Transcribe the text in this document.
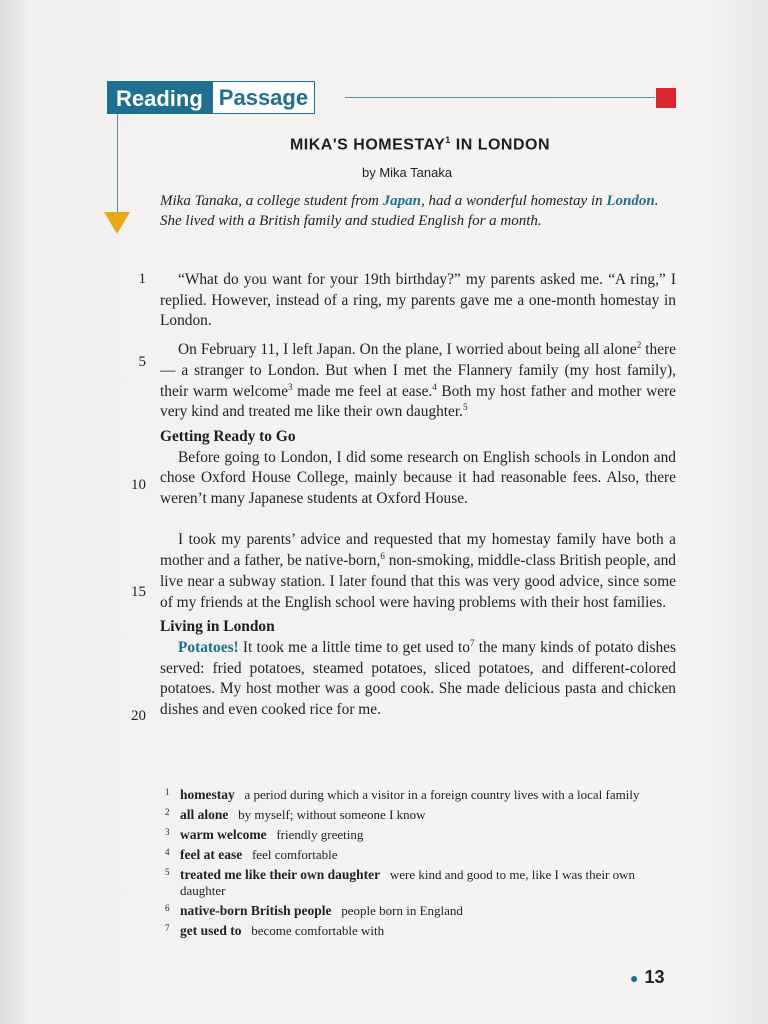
Reading Passage
MIKA'S HOMESTAY$^1$ IN LONDON
by Mika Tanaka
Mika Tanaka, a college student from Japan, had a wonderful homestay in London. She lived with a British family and studied English for a month.
1
5
10
15
20

“What do you want for your 19th birthday?” my parents asked me. “A ring,” I replied. However, instead of a ring, my parents gave me a one-month homestay in London.

On February 11, I left Japan. On the plane, I worried about being all alone$^2$ there — a stranger to London. But when I met the Flannery family (my host family), their warm welcome$^3$ made me feel at ease.$^4$ Both my host father and mother were very kind and treated me like their own daughter.$^5$

Getting Ready to Go

Before going to London, I did some research on English schools in London and chose Oxford House College, mainly because it had reasonable fees. Also, there weren’t many Japanese students at Oxford House.

I took my parents’ advice and requested that my homestay family have both a mother and a father, be native-born,$^6$ non-smoking, middle-class British people, and live near a subway station. I later found that this was very good advice, since some of my friends at the English school were having problems with their host families.

Living in London

Potatoes! It took me a little time to get used $to^7$ the many kinds of potato dishes served: fried potatoes, steamed potatoes, sliced potatoes, and different-colored potatoes. My host mother was a good cook. She made delicious pasta and chicken dishes and even cooked rice for me.

1 homestay a period during which a visitor in a foreign country lives with a local family
2 all alone by myself; without someone I know
3 warm welcome friendly greeting
4 feel at ease feel comfortable
5 treated me like their own daughter were kind and good to me, like I was their own daughter
6 native-born British people people born in England
7 get used to become comfortable with
● 13
